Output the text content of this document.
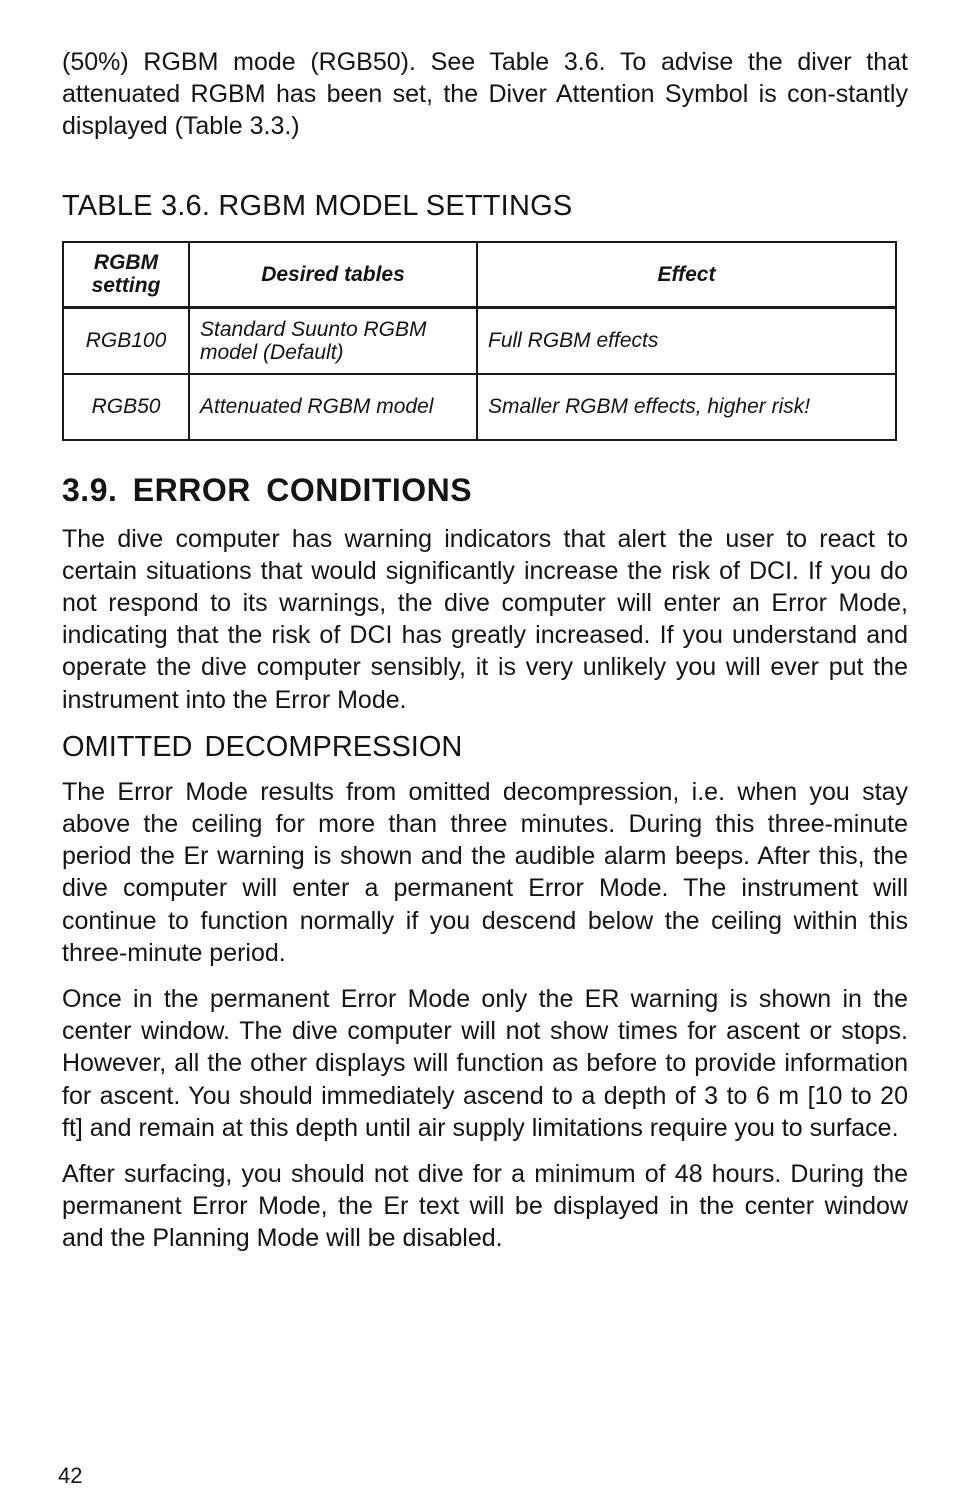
(50%) RGBM mode (RGB50). See Table 3.6. To advise the diver that attenuated RGBM has been set, the Diver Attention Symbol is con-stantly displayed (Table 3.3.)

TABLE 3.6. RGBM MODEL SETTINGS
RGBM setting	Desired tables	Effect
RGB100	Standard Suunto RGBM model (Default)	Full RGBM effects
RGB50	Attenuated RGBM model	Smaller RGBM effects, higher risk!
3.9. ERROR CONDITIONS

The dive computer has warning indicators that alert the user to react to certain situations that would significantly increase the risk of DCI. If you do not respond to its warnings, the dive computer will enter an Error Mode, indicating that the risk of DCI has greatly increased. If you understand and operate the dive computer sensibly, it is very unlikely you will ever put the instrument into the Error Mode.

OMITTED DECOMPRESSION

The Error Mode results from omitted decompression, i.e. when you stay above the ceiling for more than three minutes. During this three-minute period the Er warning is shown and the audible alarm beeps. After this, the dive computer will enter a permanent Error Mode. The instrument will continue to function normally if you descend below the ceiling within this three-minute period.

Once in the permanent Error Mode only the ER warning is shown in the center window. The dive computer will not show times for ascent or stops. However, all the other displays will function as before to provide information for ascent. You should immediately ascend to a depth of 3 to 6 m [10 to 20 ft] and remain at this depth until air supply limitations require you to surface.

After surfacing, you should not dive for a minimum of 48 hours. During the permanent Error Mode, the Er text will be displayed in the center window and the Planning Mode will be disabled.

42
